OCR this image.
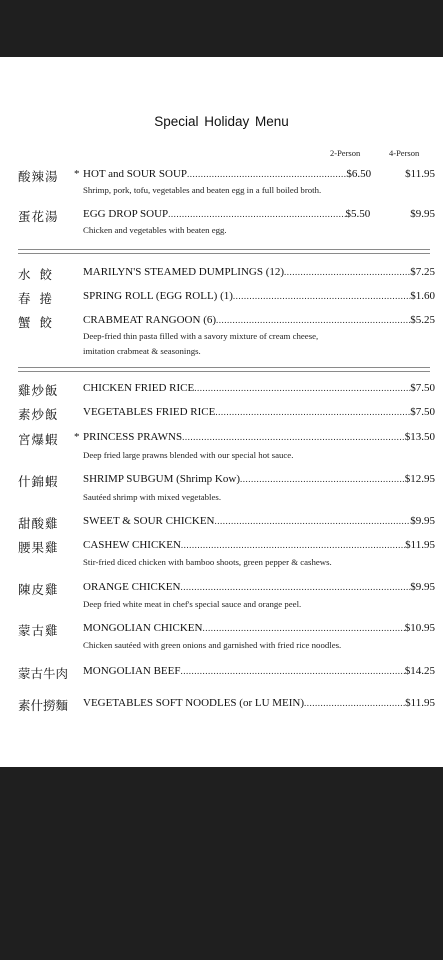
Special Holiday Menu
2-Person	4-Person
酸辣湯 * HOT and SOUR SOUP .....	$6.50	$11.95
Shrimp, pork, tofu, vegetables and beaten egg in a full boiled broth.
蛋花湯 EGG DROP SOUP .....	$5.50	$9.95
Chicken and vegetables with beaten egg.
水餃 MARILYN'S STEAMED DUMPLINGS (12) .....	$7.25
春捲 SPRING ROLL (EGG ROLL) (1) .....	$1.60
蟹餃 CRABMEAT RANGOON (6) .....	$5.25
Deep-fried thin pasta filled with a savory mixture of cream cheese,
imitation crabmeat & seasonings.
雞炒飯 CHICKEN FRIED RICE .....	$7.50
素炒飯 VEGETABLES FRIED RICE .....	$7.50
宮爆蝦 * PRINCESS PRAWNS .....	$13.50
Deep fried large prawns blended with our special hot sauce.
什錦蝦 SHRIMP SUBGUM (Shrimp Kow) .....	$12.95
Sautéed shrimp with mixed vegetables.
甜酸雞 SWEET & SOUR CHICKEN .....	$9.95
腰果雞 CASHEW CHICKEN .....	$11.95
Stir-fried diced chicken with bamboo shoots, green pepper & cashews.
陳皮雞 ORANGE CHICKEN .....	$9.95
Deep fried white meat in chef's special sauce and orange peel.
蒙古雞 MONGOLIAN CHICKEN .....	$10.95
Chicken sautéed with green onions and garnished with fried rice noodles.
蒙古牛肉 MONGOLIAN BEEF .....	$14.25
素什撈麵 VEGETABLES SOFT NOODLES (or LU MEIN) .....	$11.95
